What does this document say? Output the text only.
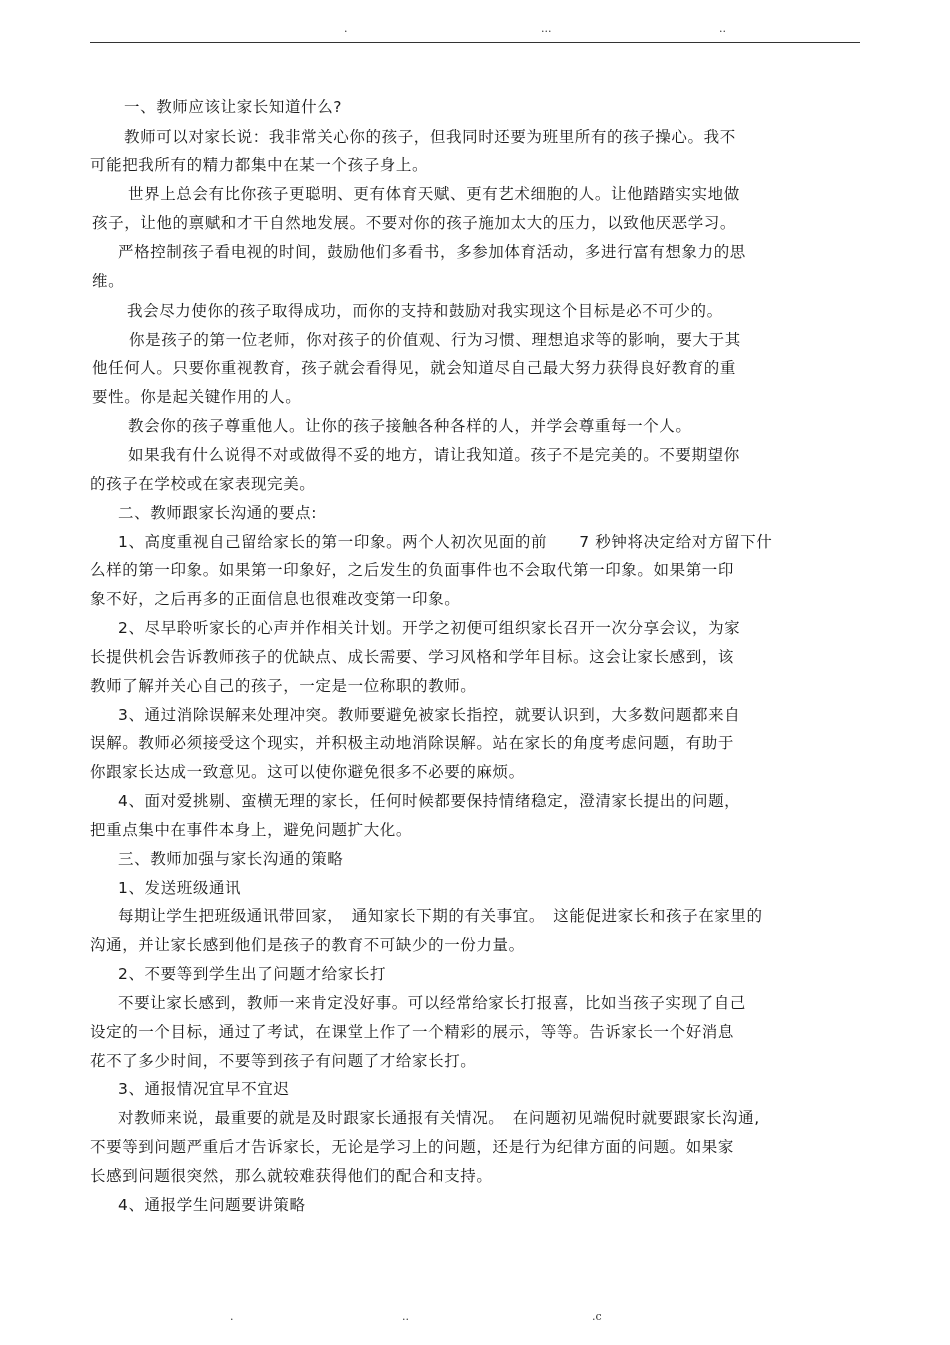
.	...	..
一、教师应该让家长知道什么?
教师可以对家长说：我非常关心你的孩子，但我同时还要为班里所有的孩子操心。我不
可能把我所有的精力都集中在某一个孩子身上。
世界上总会有比你孩子更聪明、更有体育天赋、更有艺术细胞的人。让他踏踏实实地做
孩子，让他的禀赋和才干自然地发展。不要对你的孩子施加太大的压力，以致他厌恶学习。
严格控制孩子看电视的时间，鼓励他们多看书，多参加体育活动，多进行富有想象力的思
维。
我会尽力使你的孩子取得成功，而你的支持和鼓励对我实现这个目标是必不可少的。
你是孩子的第一位老师，你对孩子的价值观、行为习惯、理想追求等的影响，要大于其
他任何人。只要你重视教育，孩子就会看得见，就会知道尽自己最大努力获得良好教育的重
要性。你是起关键作用的人。
教会你的孩子尊重他人。让你的孩子接触各种各样的人，并学会尊重每一个人。
如果我有什么说得不对或做得不妥的地方，请让我知道。孩子不是完美的。不要期望你
的孩子在学校或在家表现完美。
二、教师跟家长沟通的要点:
1、高度重视自己留给家长的第一印象。两个人初次见面的前　　7 秒钟将决定给对方留下什
么样的第一印象。如果第一印象好，之后发生的负面事件也不会取代第一印象。如果第一印
象不好，之后再多的正面信息也很难改变第一印象。
2、尽早聆听家长的心声并作相关计划。开学之初便可组织家长召开一次分享会议，为家
长提供机会告诉教师孩子的优缺点、成长需要、学习风格和学年目标。这会让家长感到，该
教师了解并关心自己的孩子，一定是一位称职的教师。
3、通过消除误解来处理冲突。教师要避免被家长指控，就要认识到，大多数问题都来自
误解。教师必须接受这个现实，并积极主动地消除误解。站在家长的角度考虑问题，有助于
你跟家长达成一致意见。这可以使你避免很多不必要的麻烦。
4、面对爱挑剔、蛮横无理的家长，任何时候都要保持情绪稳定，澄清家长提出的问题，
把重点集中在事件本身上，避免问题扩大化。
三、教师加强与家长沟通的策略
1、发送班级通讯
每期让学生把班级通讯带回家，　通知家长下期的有关事宜。　这能促进家长和孩子在家里的
沟通，并让家长感到他们是孩子的教育不可缺少的一份力量。
2、不要等到学生出了问题才给家长打
不要让家长感到，教师一来肯定没好事。可以经常给家长打报喜，比如当孩子实现了自己
设定的一个目标，通过了考试，在课堂上作了一个精彩的展示，等等。告诉家长一个好消息
花不了多少时间，不要等到孩子有问题了才给家长打。
3、通报情况宜早不宜迟
对教师来说，最重要的就是及时跟家长通报有关情况。　在问题初见端倪时就要跟家长沟通,
不要等到问题严重后才告诉家长，无论是学习上的问题，还是行为纪律方面的问题。如果家
长感到问题很突然，那么就较难获得他们的配合和支持。
4、通报学生问题要讲策略
.	..	.c
